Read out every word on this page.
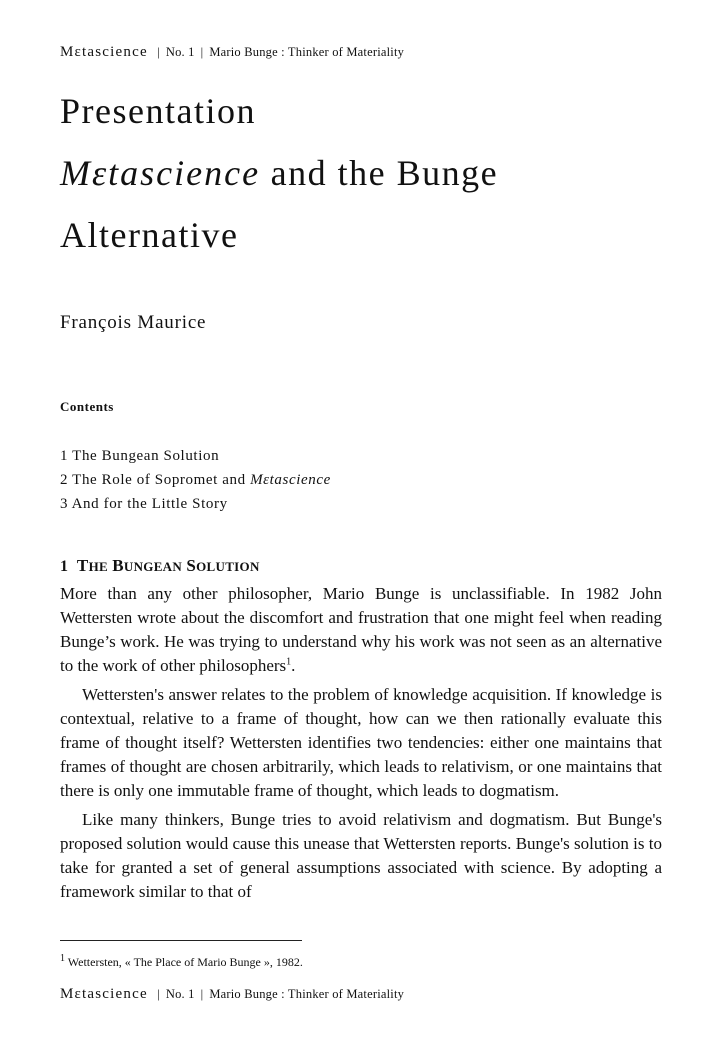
Mεtascience | No. 1 | Mario Bunge : Thinker of Materiality
Presentation
Mεtascience and the Bunge
Alternative
François Maurice
Contents
1 The Bungean Solution
2 The Role of Sopromet and Mεtascience
3 And for the Little Story
1 THE BUNGEAN SOLUTION

More than any other philosopher, Mario Bunge is unclassifiable. In 1982 John Wettersten wrote about the discomfort and frustration that one might feel when reading Bunge’s work. He was trying to understand why his work was not seen as an alternative to the work of other philosophers$^1$.

Wettersten's answer relates to the problem of knowledge acquisition. If knowledge is contextual, relative to a frame of thought, how can we then rationally evaluate this frame of thought itself? Wettersten identifies two tendencies: either one maintains that frames of thought are chosen arbitrarily, which leads to relativism, or one maintains that there is only one immutable frame of thought, which leads to dogmatism.

Like many thinkers, Bunge tries to avoid relativism and dogmatism. But Bunge's proposed solution would cause this unease that Wettersten reports. Bunge's solution is to take for granted a set of general assumptions associated with science. By adopting a framework similar to that of

$^1$ Wettersten, « The Place of Mario Bunge », 1982.
Mεtascience | No. 1 | Mario Bunge : Thinker of Materiality
